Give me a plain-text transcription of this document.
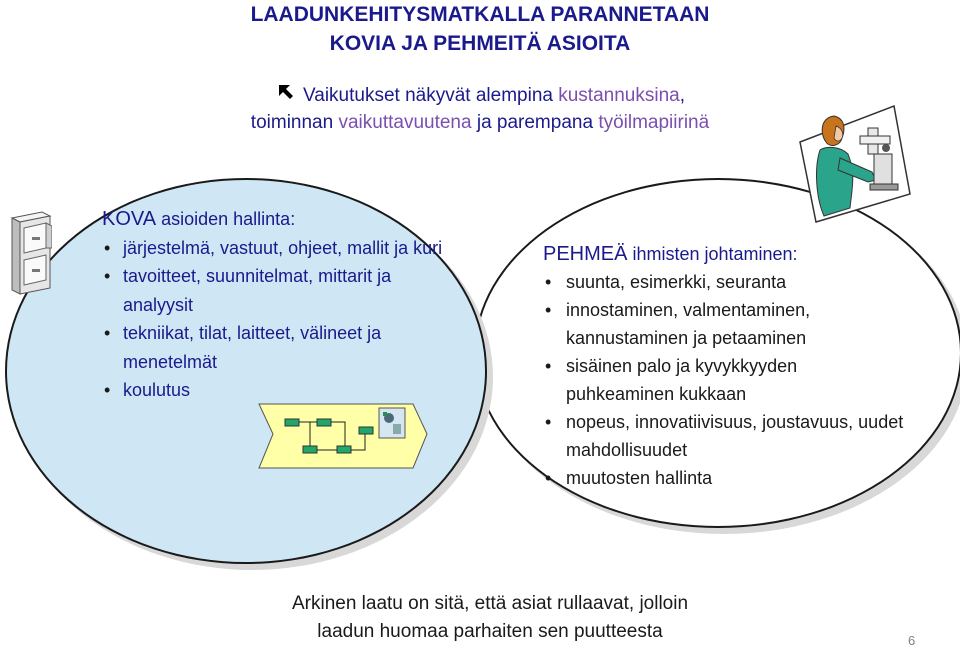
LAADUNKEHITYSMATKALLA PARANNETAAN
KOVIA JA PEHMEITÄ ASIOITA
Vaikutukset näkyvät alempina kustannuksina,
toiminnan vaikuttavuutena ja parempana työilmapiirinä
KOVA asioiden hallinta:
• järjestelmä, vastuut, ohjeet, mallit ja kuri
• tavoitteet, suunnitelmat, mittarit ja analyysit
• tekniikat, tilat, laitteet, välineet ja menetelmät
• koulutus
PEHMEÄ ihmisten johtaminen:
• suunta, esimerkki, seuranta
• innostaminen, valmentaminen, kannustaminen ja petaaminen
• sisäinen palo ja kyvykkyyden puhkeaminen kukkaan
• nopeus, innovatiivisuus, joustavuus, uudet mahdollisuudet
• muutosten hallinta
Arkinen laatu on sitä, että asiat rullaavat, jolloin
laadun huomaa parhaiten sen puutteesta	6
